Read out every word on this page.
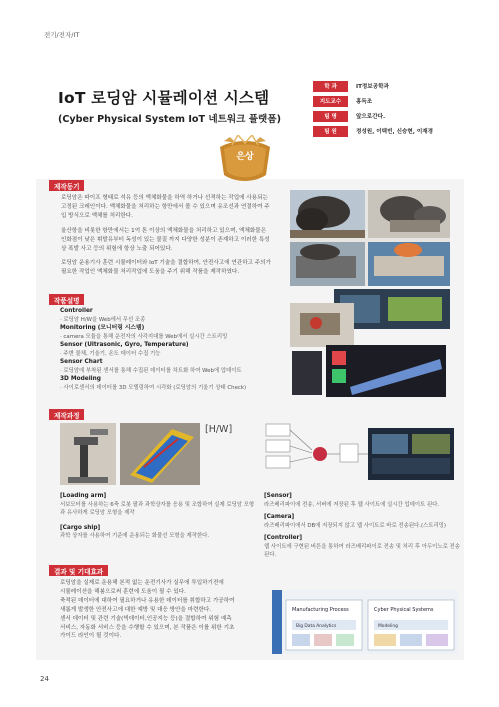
전기/전자/IT
IoT 로딩암 시뮬레이션 시스템
(Cyber Physical System IoT 네트워크 플랫폼)
학 과	IT정보공학과
지도교수	홍득조
팀 명	앞으로간다.
팀 원	정성원, 이택빈, 신승현, 이재경
은상
제작동기

로딩암은 파이프 형태로 석유 등의 액체화물을 하역 하거나 선적하는 작업에 사용되는 고정된 크레인이다. 액체화물을 처리하는 항만에서 볼 수 있으며 유조선과 연결하여 주입 방식으로 액체를 처리한다.

울산항을 비롯한 항만에서는 1억 톤 이상의 액체화물을 처리하고 있으며, 액체화물은 인화점이 낮은 휘발유부터 독성이 있는 물질 까지 다양한 성분이 존재하고 이러한 특성상 폭발 사고 등의 위험에 항상 노출 되어있다.

로딩암 운용기사 훈련 시뮬레이터와 IoT 기술을 결합하여, 안전사고에 연관하고 주의가 필요한 작업인 액체화물 처리작업에 도움을 주기 위해 작품을 제작하였다.

작품설명
Controller
· 로딩암 H/W을 Web에서 무선 조종
Monitoring (모니터링 시스템)
· camera 모듈을 통해 운전자의 사각지대를 Web에서 실시간 스트리밍
Sensor (Ultrasonic, Gyro, Temperature)
· 주변 물체, 기울기, 온도 데이터 수집 기능
Sensor Chart
· 로딩암에 부착된 센서를 통해 수집된 데이터를 차트화 하여 Web에 업데이트
3D Modeling
· 사이로센서의 데이터를 3D 모델링하여 시각화 (로딩암의 기울기 상태 Check)
제작과정
[H/W]
[Loading arm]
서보모터를 사용하는 6축 로봇 팔과 과학상자를 응용 및 조합하여 실제 로딩암 모형과 유사하게 로딩암 모형을 제작
[Cargo ship]
과학 상자를 사용하여 기준에 운용되는 화물선 모형을 제작한다.
[Sensor]
라즈베리파이에 전송, 서버에 저장된 후 웹 사이트에 실시간 업데이트 된다.
[Camera]
라즈베리파이에서 DB에 저장되지 않고 웹 사이트로 바로 전송된다.(스트리밍)
[Controller]
웹 사이트에 구현된 버튼을 통하여 라즈베리파이로 전송 및 처리 후 아두이노로 전송된다.
결과 및 기대효과
로딩암을 실제로 운용해 본적 없는 운전기사가 실무에 투입하기전에
시뮬레이션을 해봄으로써 훈련에 도움이 될 수 있다.
축적된 데이터에 대하여 필요하거나 유용한 데이터를 취합하고 가공하여
새롭게 발생한 안전사고에 대한 예방 및 대응 방안을 마련한다.
센서 데이터 및 관련 기술(빅데이터,인공지능 등)을 결합하여 위험 예측
서비스, 자동화 서비스 등을 수행할 수 있으며, 본 작품은 이를 위한 기초
가이드 라인이 될 것이다.
Manufacturing Process	Cyber Physical Systems
Big Data Analytics	Modeling
24
